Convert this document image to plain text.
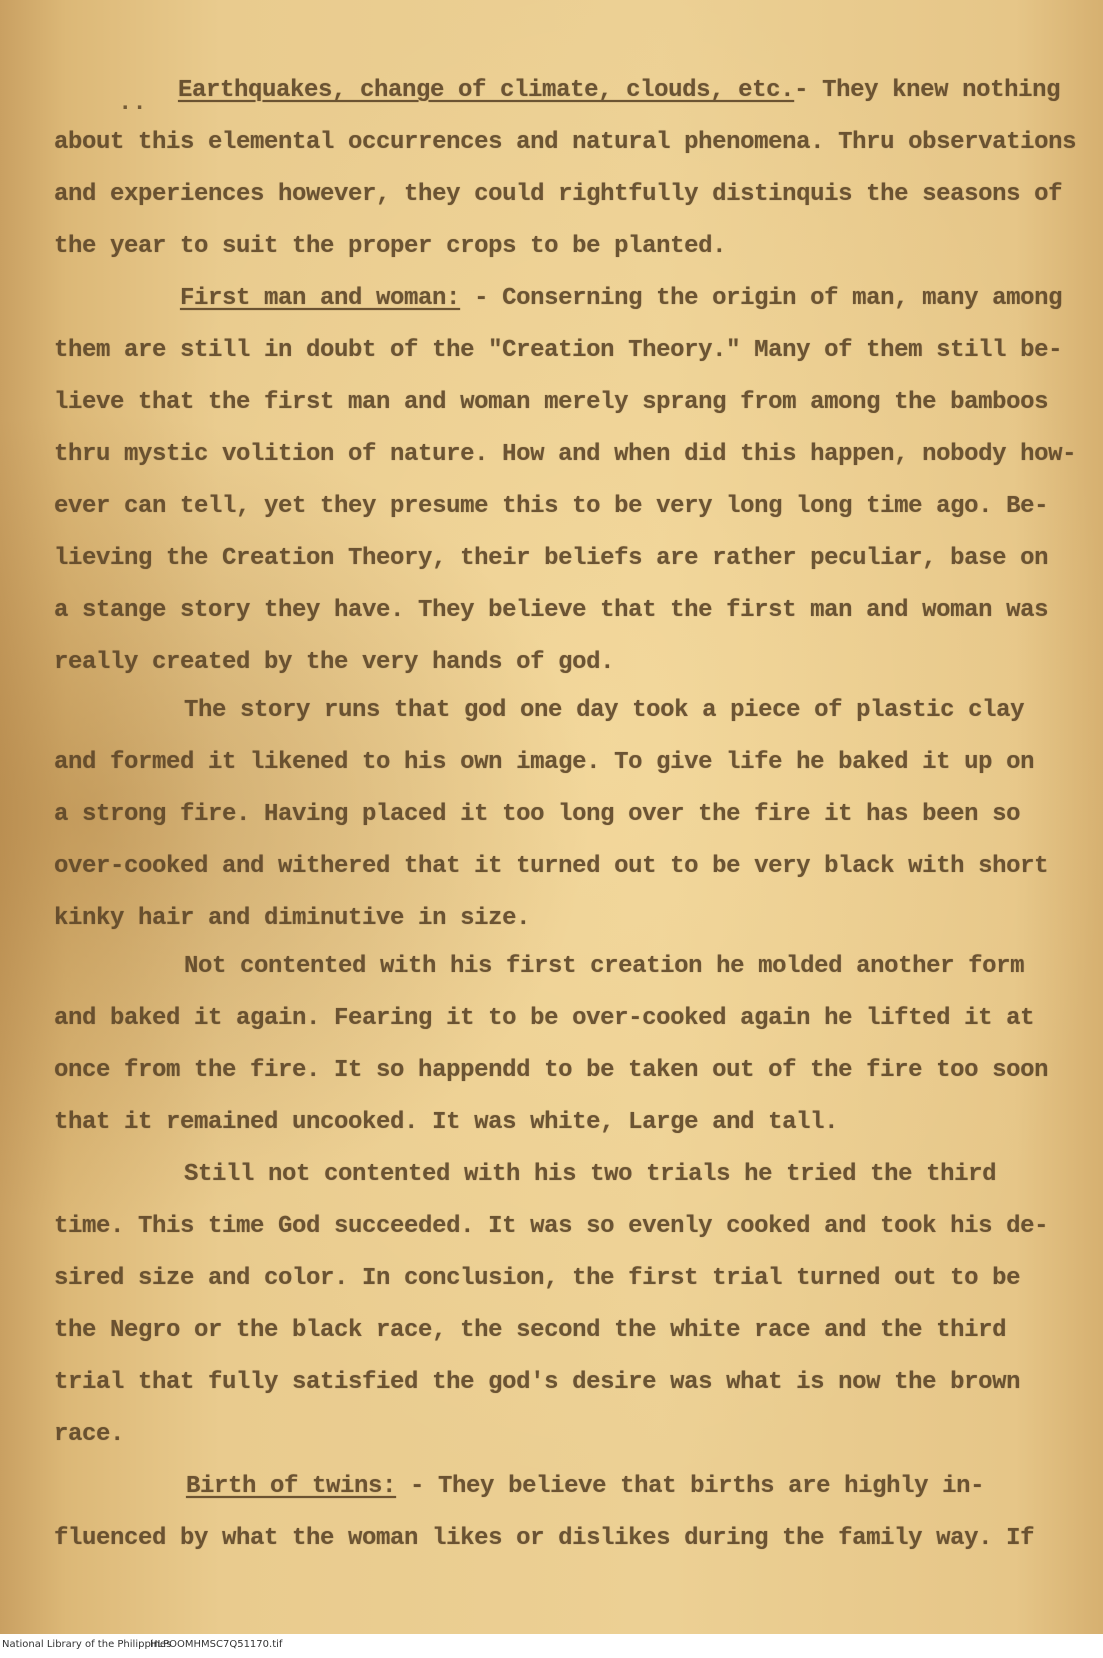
.. Earthquakes, change of climate, clouds, etc.- They knew nothing
about this elemental occurrences and natural phenomena. Thru observations
and experiences however, they could rightfully distinquis the seasons of
the year to suit the proper crops to be planted.
First man and woman: - Conserning the origin of man, many among
them are still in doubt of the "Creation Theory." Many of them still be-
lieve that the first man and woman merely sprang from among the bamboos
thru mystic volition of nature. How and when did this happen, nobody how-
ever can tell, yet they presume this to be very long long time ago. Be-
lieving the Creation Theory, their beliefs are rather peculiar, base on
a stange story they have. They believe that the first man and woman was
really created by the very hands of god.
The story runs that god one day took a piece of plastic clay
and formed it likened to his own image. To give life he baked it up on
a strong fire. Having placed it too long over the fire it has been so
over-cooked and withered that it turned out to be very black with short
kinky hair and diminutive in size.
Not contented with his first creation he molded another form
and baked it again. Fearing it to be over-cooked again he lifted it at
once from the fire. It so happendd to be taken out of the fire too soon
that it remained uncooked. It was white, Large and tall.
Still not contented with his two trials he tried the third
time. This time God succeeded. It was so evenly cooked and took his de-
sired size and color. In conclusion, the first trial turned out to be
the Negro or the black race, the second the white race and the third
trial that fully satisfied the god's desire was what is now the brown
race.
Birth of twins: - They believe that births are highly in-
fluenced by what the woman likes or dislikes during the family way. If
National Library of the Philippines
HLPOOMHMSC7Q51170.tif
